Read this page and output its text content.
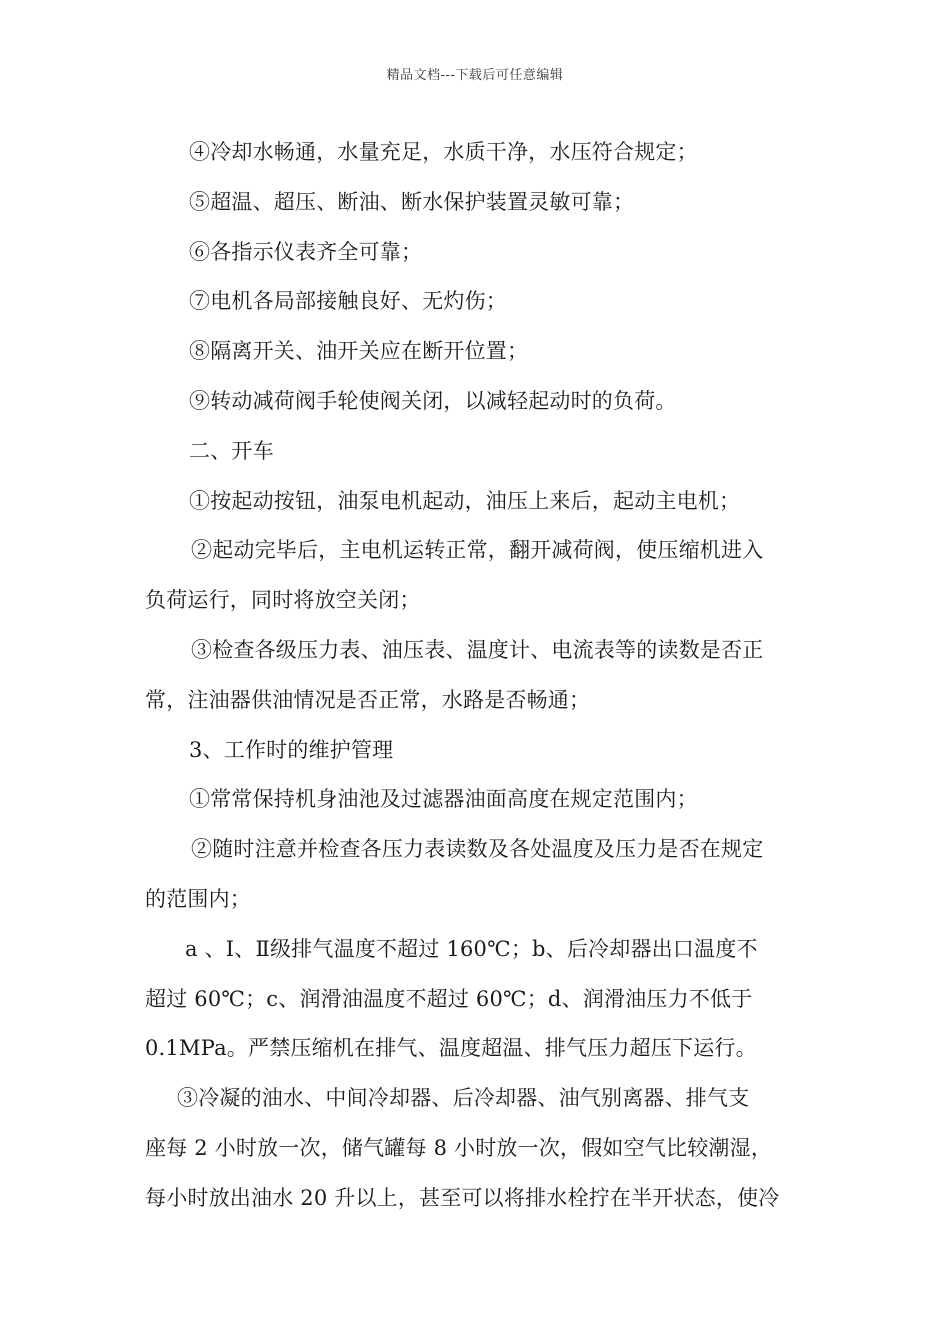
精品文档---下载后可任意编辑
④冷却水畅通，水量充足，水质干净，水压符合规定；
⑤超温、超压、断油、断水保护装置灵敏可靠；
⑥各指示仪表齐全可靠；
⑦电机各局部接触良好、无灼伤；
⑧隔离开关、油开关应在断开位置；
⑨转动减荷阀手轮使阀关闭，以减轻起动时的负荷。
二、开车
①按起动按钮，油泵电机起动，油压上来后，起动主电机；
②起动完毕后，主电机运转正常，翻开减荷阀，使压缩机进入
负荷运行，同时将放空关闭；
③检查各级压力表、油压表、温度计、电流表等的读数是否正
常，注油器供油情况是否正常，水路是否畅通；
3、工作时的维护管理
①常常保持机身油池及过滤器油面高度在规定范围内；
②随时注意并检查各压力表读数及各处温度及压力是否在规定
的范围内；
a 、Ⅰ、Ⅱ级排气温度不超过 160℃；b、后冷却器出口温度不
超过 60℃；c、润滑油温度不超过 60℃；d、润滑油压力不低于
0.1MPa。严禁压缩机在排气、温度超温、排气压力超压下运行。
③冷凝的油水、中间冷却器、后冷却器、油气别离器、排气支
座每 2 小时放一次，储气罐每 8 小时放一次，假如空气比较潮湿，
每小时放出油水 20 升以上，甚至可以将排水栓拧在半开状态，使冷
